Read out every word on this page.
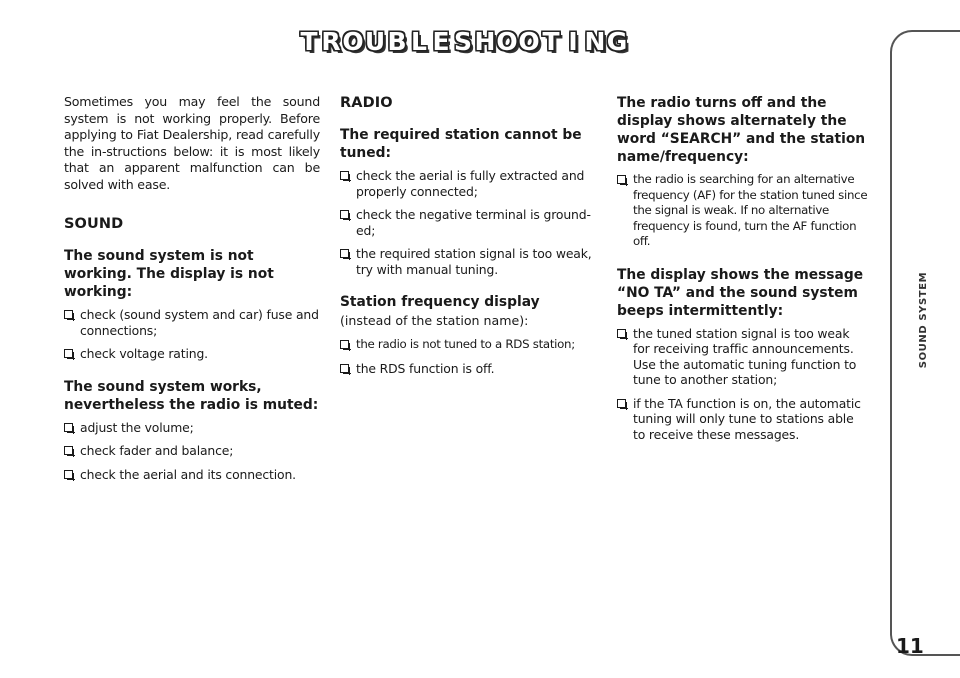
T R O U B L E S H O O T I N G

Sometimes you may feel the sound system is not working properly. Before applying to Fiat Dealership, read carefully the in-structions below: it is most likely that an apparent malfunction can be solved with ease.

SOUND
The sound system is not working. The display is not working:
check (sound system and car) fuse and connections;
check voltage rating.
The sound system works, nevertheless the radio is muted:
adjust the volume;
check fader and balance;
check the aerial and its connection.
RADIO
The required station cannot be tuned:
check the aerial is fully extracted and properly connected;
check the negative terminal is ground-ed;
the required station signal is too weak, try with manual tuning.
Station frequency display
(instead of the station name):
the radio is not tuned to a RDS station;
the RDS function is off.
The radio turns off and the display shows alternately the word “SEARCH” and the station name/frequency:
the radio is searching for an alternative frequency (AF) for the station tuned since the signal is weak. If no alternative frequency is found, turn the AF function off.
The display shows the message “NO TA” and the sound system beeps intermittently:
the tuned station signal is too weak for receiving traffic announcements. Use the automatic tuning function to tune to another station;
if the TA function is on, the automatic tuning will only tune to stations able to receive these messages.
SOUND SYSTEM
11
